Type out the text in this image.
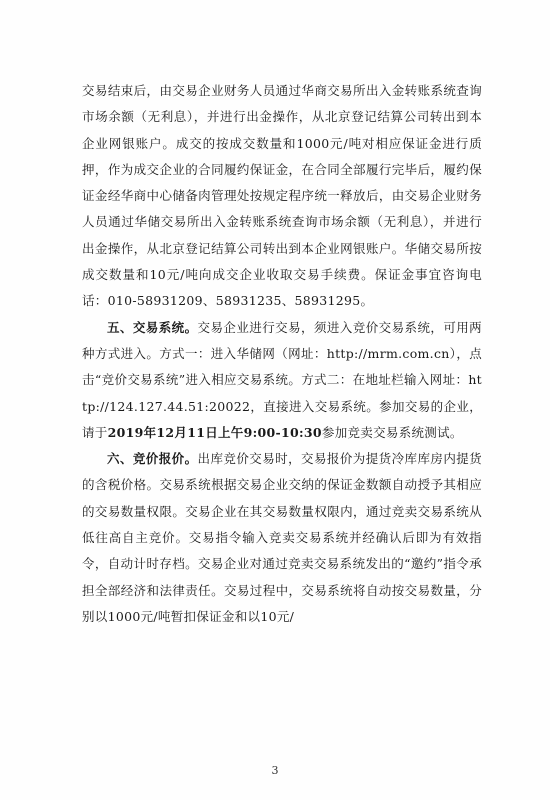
交易结束后，由交易企业财务人员通过华商交易所出入金转账系统查询市场余额（无利息），并进行出金操作，从北京登记结算公司转出到本企业网银账户。成交的按成交数量和1000元/吨对相应保证金进行质押，作为成交企业的合同履约保证金，在合同全部履行完毕后，履约保证金经华商中心储备肉管理处按规定程序统一释放后，由交易企业财务人员通过华储交易所出入金转账系统查询市场余额（无利息），并进行出金操作，从北京登记结算公司转出到本企业网银账户。华储交易所按成交数量和10元/吨向成交企业收取交易手续费。保证金事宜咨询电话：010-58931209、58931235、58931295。

五、交易系统。交易企业进行交易，须进入竞价交易系统，可用两种方式进入。方式一：进入华储网（网址：http://mrm.com.cn），点击“竞价交易系统”进入相应交易系统。方式二：在地址栏输入网址：http://124.127.44.51:20022，直接进入交易系统。参加交易的企业，请于2019年12月11日上午9:00-10:30参加竞卖交易系统测试。

六、竞价报价。出库竞价交易时，交易报价为提货冷库库房内提货的含税价格。交易系统根据交易企业交纳的保证金数额自动授予其相应的交易数量权限。交易企业在其交易数量权限内，通过竞卖交易系统从低往高自主竞价。交易指令输入竞卖交易系统并经确认后即为有效指令，自动计时存档。交易企业对通过竞卖交易系统发出的“邀约”指令承担全部经济和法律责任。交易过程中，交易系统将自动按交易数量，分别以1000元/吨暂扣保证金和以10元/

3
